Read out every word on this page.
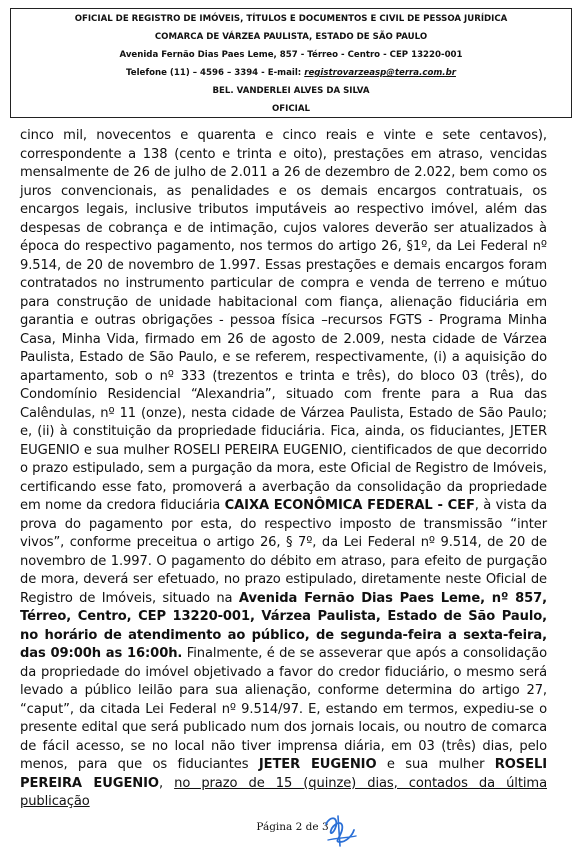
OFICIAL DE REGISTRO DE IMÓVEIS, TÍTULOS E DOCUMENTOS E CIVIL DE PESSOA JURÍDICA
COMARCA DE VÁRZEA PAULISTA, ESTADO DE SÃO PAULO
Avenida Fernão Dias Paes Leme, 857 - Térreo - Centro - CEP 13220-001
Telefone (11) – 4596 – 3394 - E-mail: registrovarzeasp@terra.com.br
BEL. VANDERLEI ALVES DA SILVA
OFICIAL
cinco mil, novecentos e quarenta e cinco reais e vinte e sete centavos), correspondente a 138 (cento e trinta e oito), prestações em atraso, vencidas mensalmente de 26 de julho de 2.011 a 26 de dezembro de 2.022, bem como os juros convencionais, as penalidades e os demais encargos contratuais, os encargos legais, inclusive tributos imputáveis ao respectivo imóvel, além das despesas de cobrança e de intimação, cujos valores deverão ser atualizados à época do respectivo pagamento, nos termos do artigo 26, §1º, da Lei Federal nº 9.514, de 20 de novembro de 1.997. Essas prestações e demais encargos foram contratados no instrumento particular de compra e venda de terreno e mútuo para construção de unidade habitacional com fiança, alienação fiduciária em garantia e outras obrigações - pessoa física –recursos FGTS - Programa Minha Casa, Minha Vida, firmado em 26 de agosto de 2.009, nesta cidade de Várzea Paulista, Estado de São Paulo, e se referem, respectivamente, (i) a aquisição do apartamento, sob o nº 333 (trezentos e trinta e três), do bloco 03 (três), do Condomínio Residencial “Alexandria”, situado com frente para a Rua das Calêndulas, nº 11 (onze), nesta cidade de Várzea Paulista, Estado de São Paulo; e, (ii) à constituição da propriedade fiduciária. Fica, ainda, os fiduciantes, JETER EUGENIO e sua mulher ROSELI PEREIRA EUGENIO, cientificados de que decorrido o prazo estipulado, sem a purgação da mora, este Oficial de Registro de Imóveis, certificando esse fato, promoverá a averbação da consolidação da propriedade em nome da credora fiduciária CAIXA ECONÔMICA FEDERAL - CEF, à vista da prova do pagamento por esta, do respectivo imposto de transmissão “inter vivos”, conforme preceitua o artigo 26, § 7º, da Lei Federal nº 9.514, de 20 de novembro de 1.997. O pagamento do débito em atraso, para efeito de purgação de mora, deverá ser efetuado, no prazo estipulado, diretamente neste Oficial de Registro de Imóveis, situado na Avenida Fernão Dias Paes Leme, nº 857, Térreo, Centro, CEP 13220-001, Várzea Paulista, Estado de São Paulo, no horário de atendimento ao público, de segunda-feira a sexta-feira, das 09:00h as 16:00h. Finalmente, é de se asseverar que após a consolidação da propriedade do imóvel objetivado a favor do credor fiduciário, o mesmo será levado a público leilão para sua alienação, conforme determina do artigo 27, “caput”, da citada Lei Federal nº 9.514/97. E, estando em termos, expediu-se o presente edital que será publicado num dos jornais locais, ou noutro de comarca de fácil acesso, se no local não tiver imprensa diária, em 03 (três) dias, pelo menos, para que os fiduciantes JETER EUGENIO e sua mulher ROSELI PEREIRA EUGENIO, no prazo de 15 (quinze) dias, contados da última publicação
Página 2 de 3
